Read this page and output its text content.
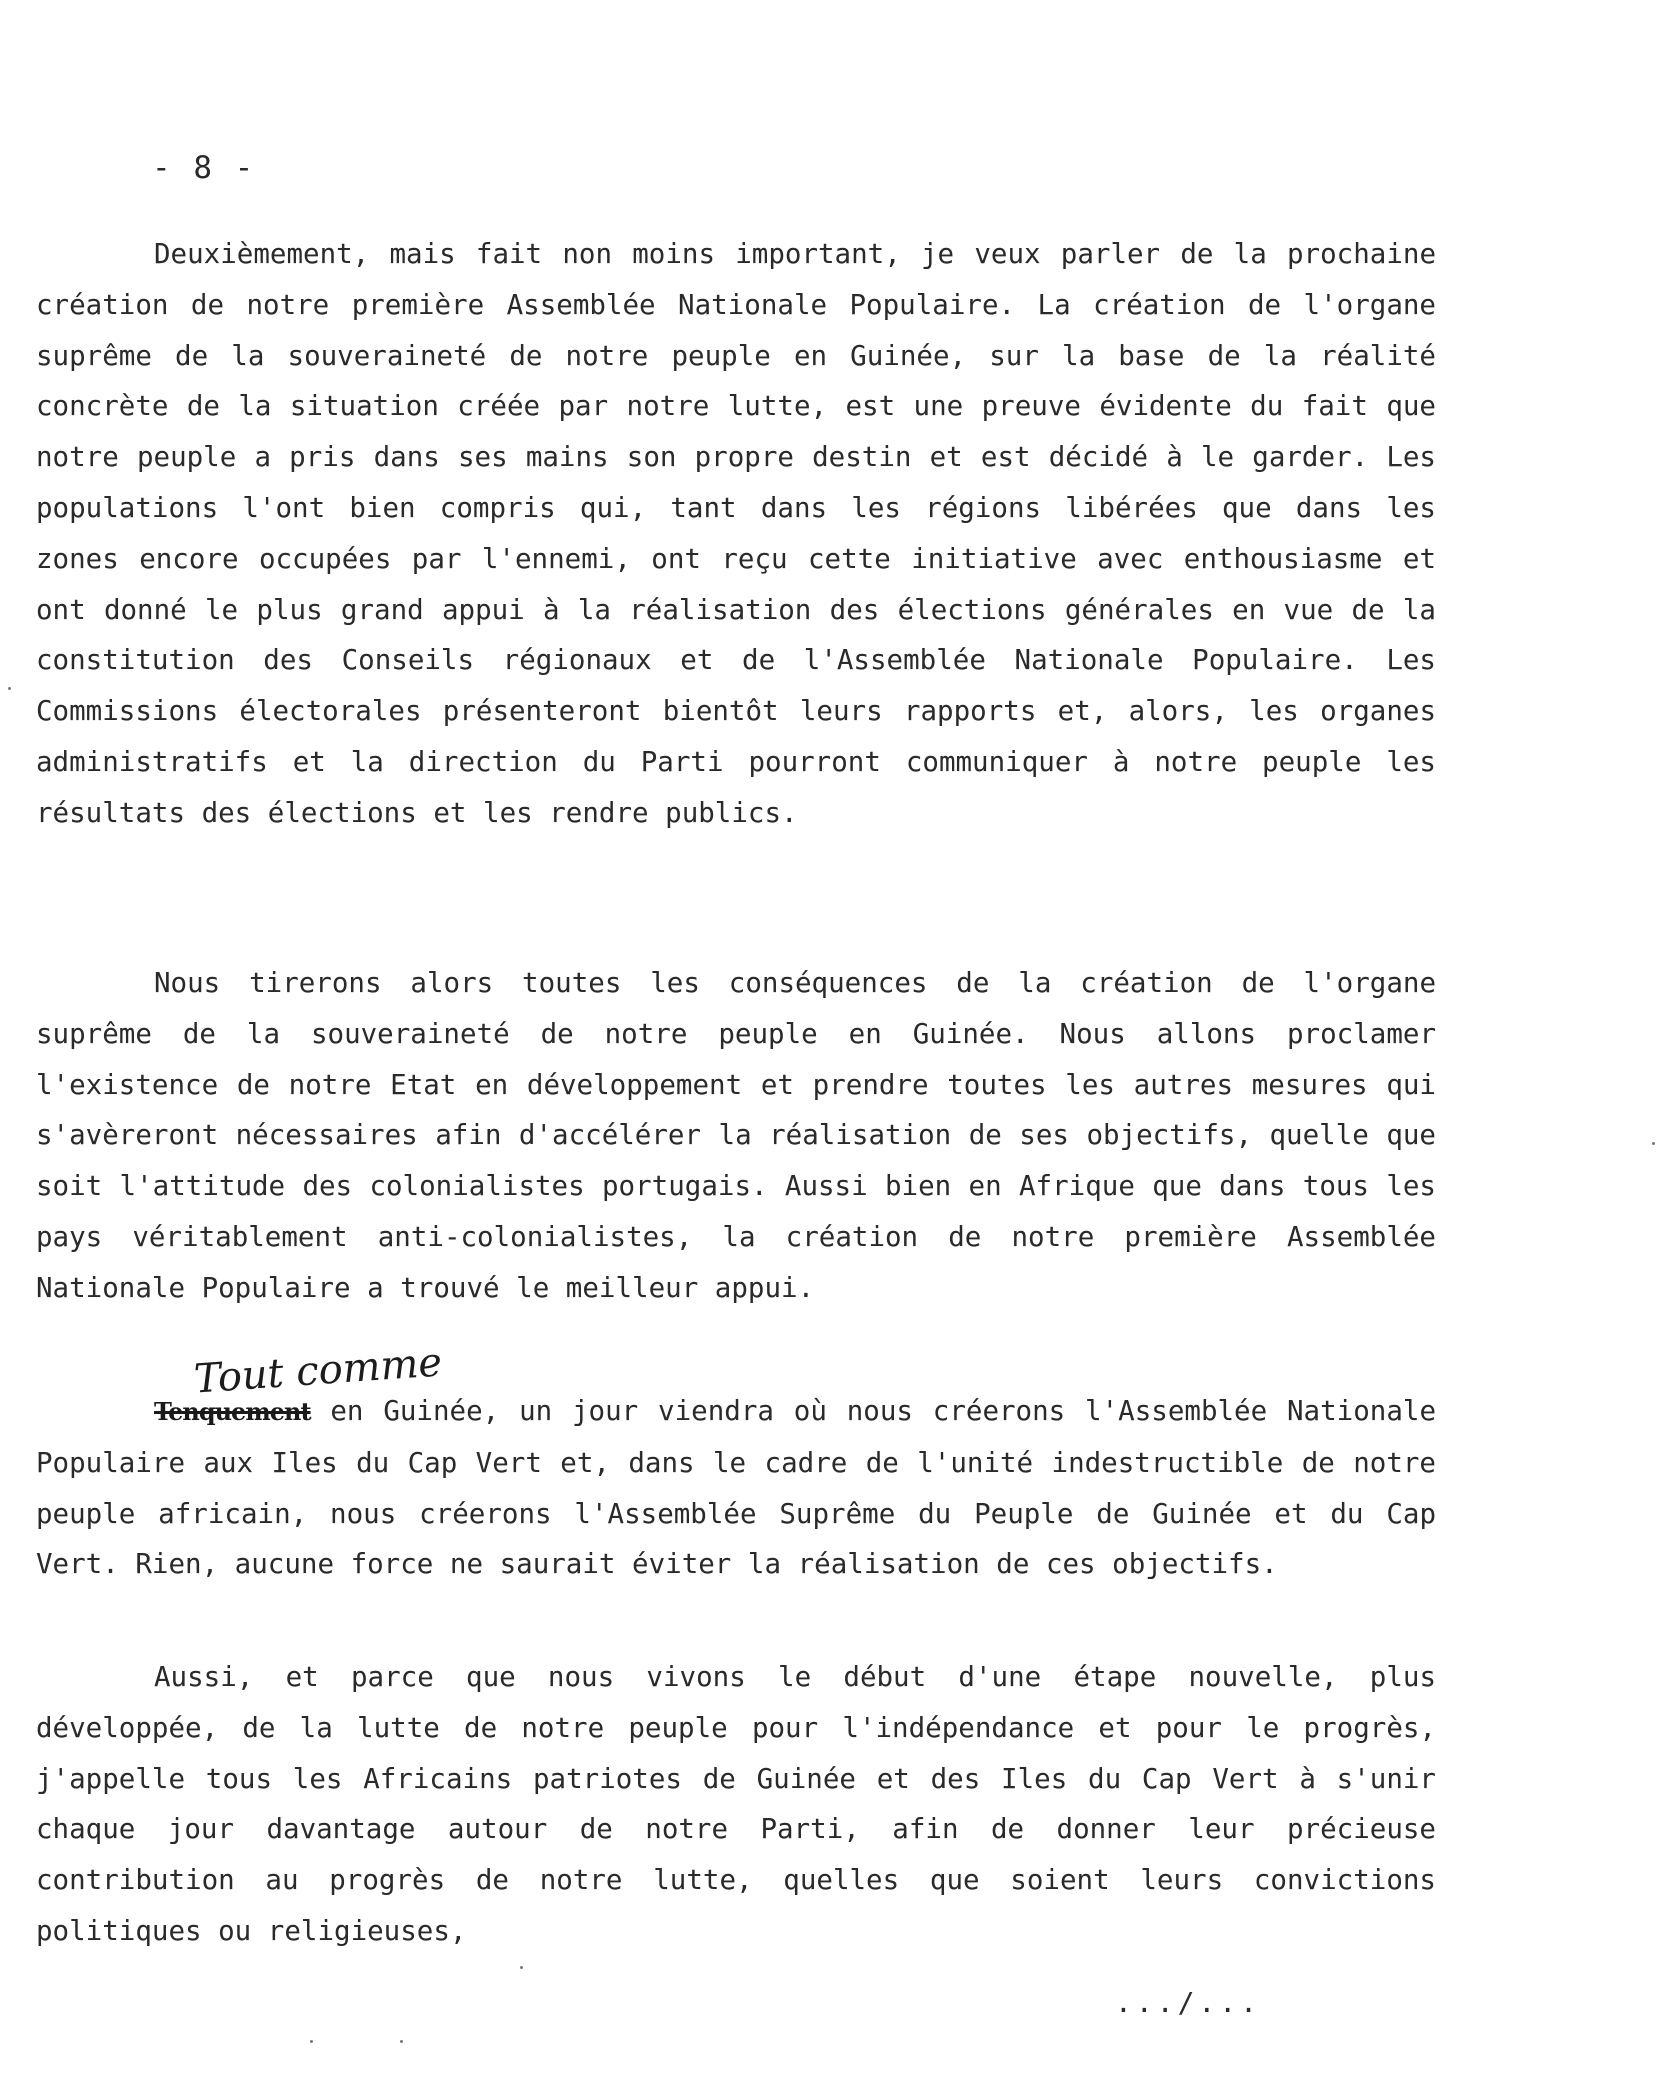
- 8 -

Deuxièmement, mais fait non moins important, je veux parler de la prochaine création de notre première Assemblée Nationale Populaire. La création de l'organe suprême de la souveraineté de notre peuple en Guinée, sur la base de la réalité concrète de la situation créée par notre lutte, est une preuve évidente du fait que notre peuple a pris dans ses mains son propre destin et est décidé à le garder. Les populations l'ont bien compris qui, tant dans les régions libérées que dans les zones encore occupées par l'ennemi, ont reçu cette initiative avec enthousiasme et ont donné le plus grand appui à la réalisation des élections générales en vue de la constitution des Conseils régionaux et de l'Assemblée Nationale Populaire. Les Commissions électorales présenteront bientôt leurs rapports et, alors, les organes administratifs et la direction du Parti pourront communiquer à notre peuple les résultats des élections et les rendre publics.

Nous tirerons alors toutes les conséquences de la création de l'organe suprême de la souveraineté de notre peuple en Guinée. Nous allons proclamer l'existence de notre Etat en développement et prendre toutes les autres mesures qui s'avèreront nécessaires afin d'accélérer la réalisation de ses objectifs, quelle que soit l'attitude des colonialistes portugais. Aussi bien en Afrique que dans tous les pays véritablement anti-colonialistes, la création de notre première Assemblée Nationale Populaire a trouvé le meilleur appui.

Tenquement
Tout comme
en Guinée, un jour viendra où nous créerons l'Assemblée Nationale Populaire aux Iles du Cap Vert et, dans le cadre de l'unité indestructible de notre peuple africain, nous créerons l'Assemblée Suprême du Peuple de Guinée et du Cap Vert. Rien, aucune force ne saurait éviter la réalisation de ces objectifs.

Aussi, et parce que nous vivons le début d'une étape nouvelle, plus développée, de la lutte de notre peuple pour l'indépendance et pour le progrès, j'appelle tous les Africains patriotes de Guinée et des Iles du Cap Vert à s'unir chaque jour davantage autour de notre Parti, afin de donner leur précieuse contribution au progrès de notre lutte, quelles que soient leurs convictions politiques ou religieuses,

.../...
